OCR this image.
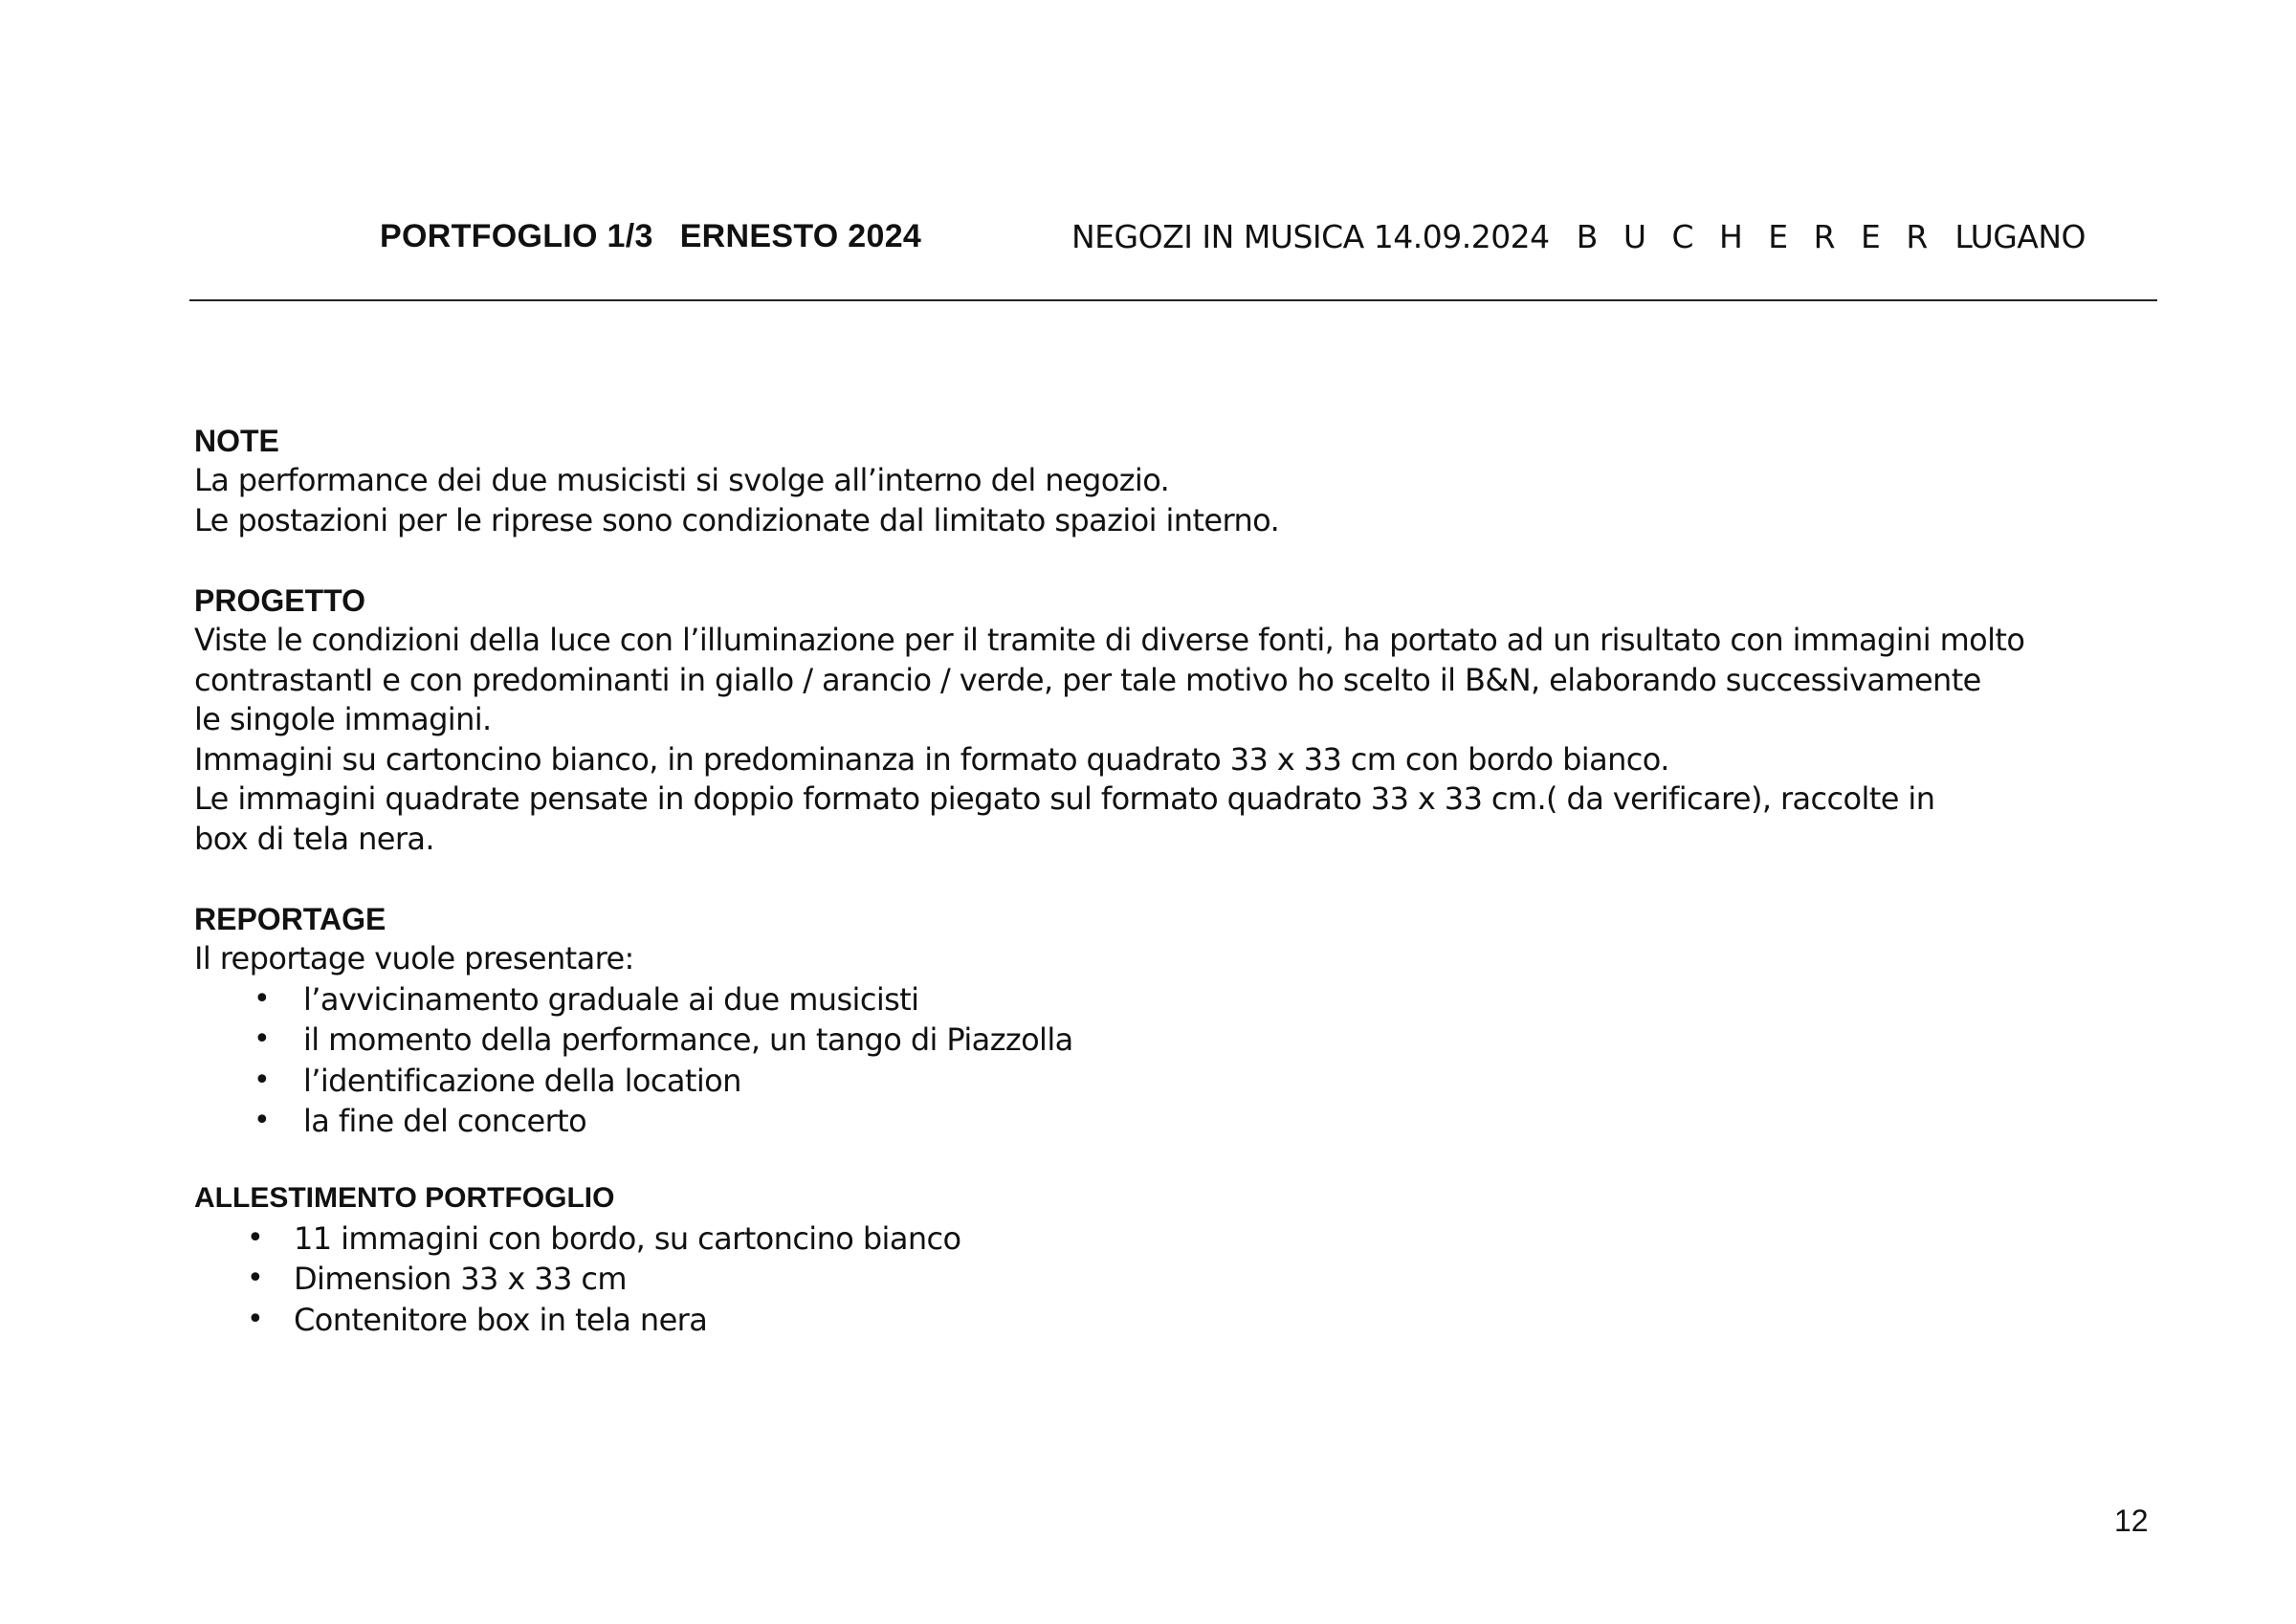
PORTFOGLIO 1/3 ERNESTO 2024	NEGOZI IN MUSICA 14.09.2024 B U C H E R E R LUGANO

NOTE

La performance dei due musicisti si svolge all’interno del negozio.

Le postazioni per le riprese sono condizionate dal limitato spazioi interno.

PROGETTO

Viste le condizioni della luce con l’illuminazione per il tramite di diverse fonti, ha portato ad un risultato con immagini molto

contrastantI e con predominanti in giallo / arancio / verde, per tale motivo ho scelto il B&N, elaborando successivamente

le singole immagini.

Immagini su cartoncino bianco, in predominanza in formato quadrato 33 x 33 cm con bordo bianco.

Le immagini quadrate pensate in doppio formato piegato sul formato quadrato 33 x 33 cm.( da verificare), raccolte in

box di tela nera.

REPORTAGE

Il reportage vuole presentare:

• l’avvicinamento graduale ai due musicisti
• il momento della performance, un tango di Piazzolla
• l’identificazione della location
• la fine del concerto

ALLESTIMENTO PORTFOGLIO

• 11 immagini con bordo, su cartoncino bianco
• Dimension 33 x 33 cm
• Contenitore box in tela nera
12
